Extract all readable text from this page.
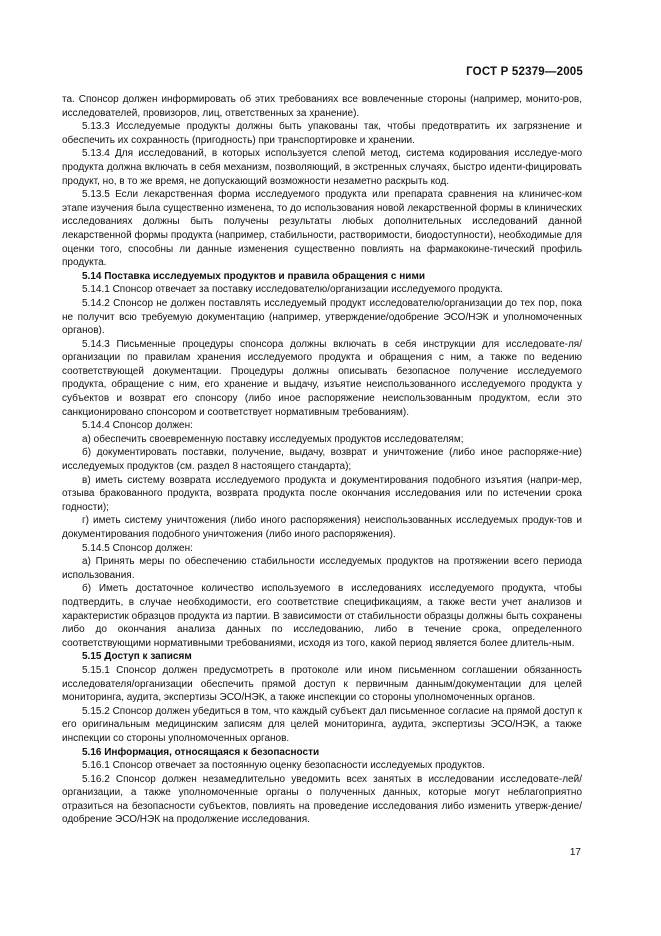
ГОСТ Р 52379—2005

та. Спонсор должен информировать об этих требованиях все вовлеченные стороны (например, монито-ров, исследователей, провизоров, лиц, ответственных за хранение).

5.13.3 Исследуемые продукты должны быть упакованы так, чтобы предотвратить их загрязнение и обеспечить их сохранность (пригодность) при транспортировке и хранении.

5.13.4 Для исследований, в которых используется слепой метод, система кодирования исследуе-мого продукта должна включать в себя механизм, позволяющий, в экстренных случаях, быстро иденти-фицировать продукт, но, в то же время, не допускающий возможности незаметно раскрыть код.

5.13.5 Если лекарственная форма исследуемого продукта или препарата сравнения на клиничес-ком этапе изучения была существенно изменена, то до использования новой лекарственной формы в клинических исследованиях должны быть получены результаты любых дополнительных исследований данной лекарственной формы продукта (например, стабильности, растворимости, биодоступности), необходимые для оценки того, способны ли данные изменения существенно повлиять на фармакокине-тический профиль продукта.

5.14 Поставка исследуемых продуктов и правила обращения с ними

5.14.1 Спонсор отвечает за поставку исследователю/организации исследуемого продукта.

5.14.2 Спонсор не должен поставлять исследуемый продукт исследователю/организации до тех пор, пока не получит всю требуемую документацию (например, утверждение/одобрение ЭСО/НЭК и уполномоченных органов).

5.14.3 Письменные процедуры спонсора должны включать в себя инструкции для исследовате-ля/организации по правилам хранения исследуемого продукта и обращения с ним, а также по ведению соответствующей документации. Процедуры должны описывать безопасное получение исследуемого продукта, обращение с ним, его хранение и выдачу, изъятие неиспользованного исследуемого продукта у субъектов и возврат его спонсору (либо иное распоряжение неиспользованным продуктом, если это санкционировано спонсором и соответствует нормативным требованиям).

5.14.4 Спонсор должен:

а) обеспечить своевременную поставку исследуемых продуктов исследователям;

б) документировать поставки, получение, выдачу, возврат и уничтожение (либо иное распоряже-ние) исследуемых продуктов (см. раздел 8 настоящего стандарта);

в) иметь систему возврата исследуемого продукта и документирования подобного изъятия (напри-мер, отзыва бракованного продукта, возврата продукта после окончания исследования или по истечении срока годности);

г) иметь систему уничтожения (либо иного распоряжения) неиспользованных исследуемых продук-тов и документирования подобного уничтожения (либо иного распоряжения).

5.14.5 Спонсор должен:

а) Принять меры по обеспечению стабильности исследуемых продуктов на протяжении всего периода использования.

б) Иметь достаточное количество используемого в исследованиях исследуемого продукта, чтобы подтвердить, в случае необходимости, его соответствие спецификациям, а также вести учет анализов и характеристик образцов продукта из партии. В зависимости от стабильности образцы должны быть сохранены либо до окончания анализа данных по исследованию, либо в течение срока, определенного соответствующими нормативными требованиями, исходя из того, какой период является более длитель-ным.

5.15 Доступ к записям

5.15.1 Спонсор должен предусмотреть в протоколе или ином письменном соглашении обязанность исследователя/организации обеспечить прямой доступ к первичным данным/документации для целей мониторинга, аудита, экспертизы ЭСО/НЭК, а также инспекции со стороны уполномоченных органов.

5.15.2 Спонсор должен убедиться в том, что каждый субъект дал письменное согласие на прямой доступ к его оригинальным медицинским записям для целей мониторинга, аудита, экспертизы ЭСО/НЭК, а также инспекции со стороны уполномоченных органов.

5.16 Информация, относящаяся к безопасности

5.16.1 Спонсор отвечает за постоянную оценку безопасности исследуемых продуктов.

5.16.2 Спонсор должен незамедлительно уведомить всех занятых в исследовании исследовате-лей/организации, а также уполномоченные органы о полученных данных, которые могут неблагоприятно отразиться на безопасности субъектов, повлиять на проведение исследования либо изменить утверж-дение/одобрение ЭСО/НЭК на продолжение исследования.

17
